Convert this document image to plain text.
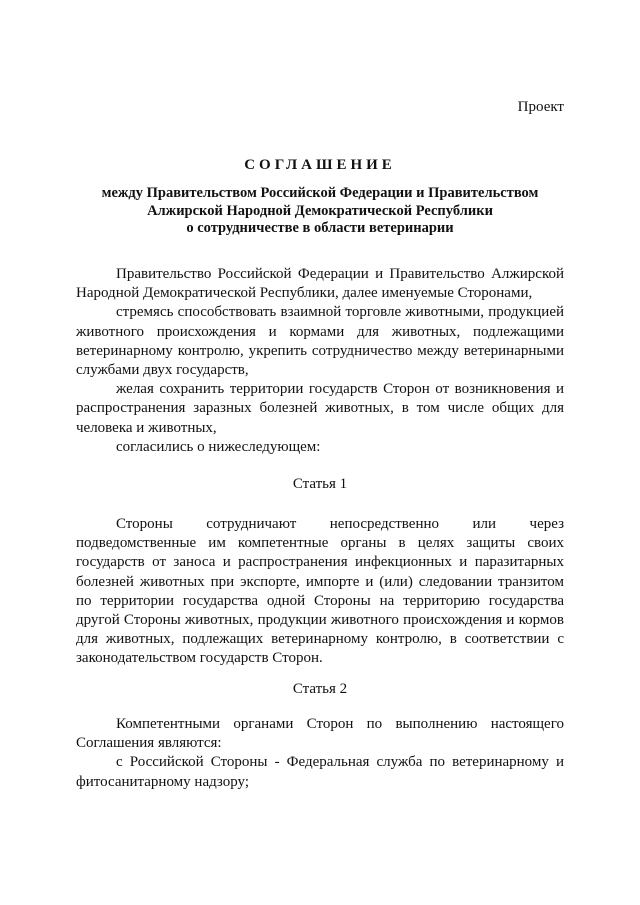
Проект
СОГЛАШЕНИЕ
между Правительством Российской Федерации и Правительством
Алжирской Народной Демократической Республики
о сотрудничестве в области ветеринарии

Правительство Российской Федерации и Правительство Алжирской Народной Демократической Республики, далее именуемые Сторонами,

стремясь способствовать взаимной торговле животными, продукцией животного происхождения и кормами для животных, подлежащими ветеринарному контролю, укрепить сотрудничество между ветеринарными службами двух государств,

желая сохранить территории государств Сторон от возникновения и распространения заразных болезней животных, в том числе общих для человека и животных,

согласились о нижеследующем:

Статья 1

Стороны сотрудничают непосредственно или через подведомственные им компетентные органы в целях защиты своих государств от заноса и распространения инфекционных и паразитарных болезней животных при экспорте, импорте и (или) следовании транзитом по территории государства одной Стороны на территорию государства другой Стороны животных, продукции животного происхождения и кормов для животных, подлежащих ветеринарному контролю, в соответствии с законодательством государств Сторон.

Статья 2

Компетентными органами Сторон по выполнению настоящего Соглашения являются:

с Российской Стороны - Федеральная служба по ветеринарному и фитосанитарному надзору;
